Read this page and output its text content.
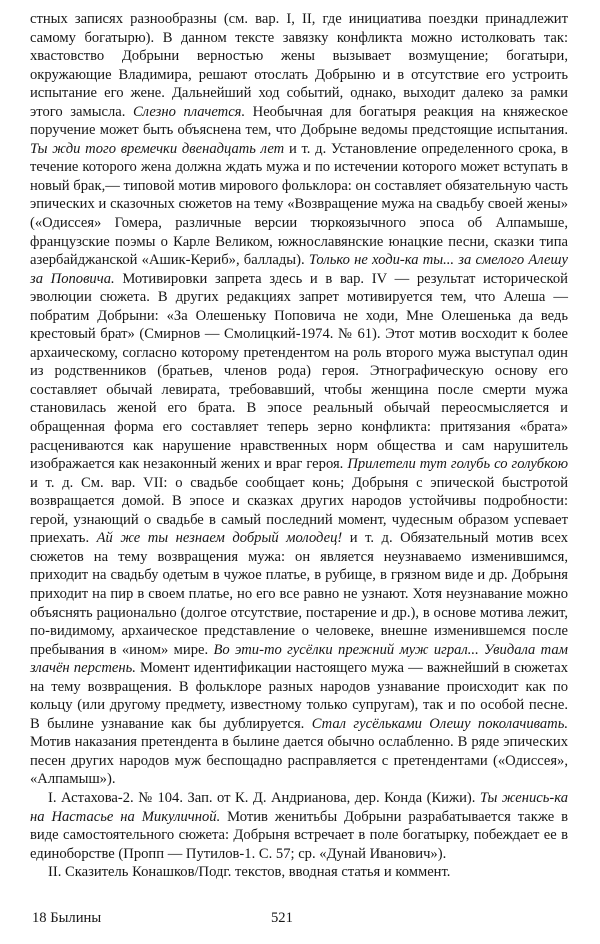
стных записях разнообразны (см. вар. I, II, где инициатива поездки принадлежит самому богатырю). В данном тексте завязку конфликта можно истолковать так: хвастовство Добрыни верностью жены вызывает возмущение; богатыри, окружающие Владимира, решают отослать Добрыню и в отсутствие его устроить испытание его жене. Дальнейший ход событий, однако, выходит далеко за рамки этого замысла. Слезно плачется. Необычная для богатыря реакция на княжеское поручение может быть объяснена тем, что Добрыне ведомы предстоящие испытания. Ты жди того времечки двенадцать лет и т. д. Установление определенного срока, в течение которого жена должна ждать мужа и по истечении которого может вступать в новый брак,— типовой мотив мирового фольклора: он составляет обязательную часть эпических и сказочных сюжетов на тему «Возвращение мужа на свадьбу своей жены» («Одиссея» Гомера, различные версии тюркоязычного эпоса об Алпамыше, французские поэмы о Карле Великом, южнославянские юнацкие песни, сказки типа азербайджанской «Ашик-Кериб», баллады). Только не ходи-ка ты... за смелого Алешу за Поповича. Мотивировки запрета здесь и в вар. IV — результат исторической эволюции сюжета. В других редакциях запрет мотивируется тем, что Алеша — побратим Добрыни: «За Олешеньку Поповича не ходи, Мне Олешенька да ведь крестовый брат» (Смирнов — Смолицкий-1974. № 61). Этот мотив восходит к более архаическому, согласно которому претендентом на роль второго мужа выступал один из родственников (братьев, членов рода) героя. Этнографическую основу его составляет обычай левирата, требовавший, чтобы женщина после смерти мужа становилась женой его брата. В эпосе реальный обычай переосмысляется и обращенная форма его составляет теперь зерно конфликта: притязания «брата» расцениваются как нарушение нравственных норм общества и сам нарушитель изображается как незаконный жених и враг героя. Прилетели тут голубь со голубкою и т. д. См. вар. VII: о свадьбе сообщает конь; Добрыня с эпической быстротой возвращается домой. В эпосе и сказках других народов устойчивы подробности: герой, узнающий о свадьбе в самый последний момент, чудесным образом успевает приехать. Ай же ты незнаем добрый молодец! и т. д. Обязательный мотив всех сюжетов на тему возвращения мужа: он является неузнаваемо изменившимся, приходит на свадьбу одетым в чужое платье, в рубище, в грязном виде и др. Добрыня приходит на пир в своем платье, но его все равно не узнают. Хотя неузнавание можно объяснять рационально (долгое отсутствие, постарение и др.), в основе мотива лежит, по-видимому, архаическое представление о человеке, внешне изменившемся после пребывания в «ином» мире. Во эти-то гусёлки прежний муж играл... Увидала там злачён перстень. Момент идентификации настоящего мужа — важнейший в сюжетах на тему возвращения. В фольклоре разных народов узнавание происходит как по кольцу (или другому предмету, известному только супругам), так и по особой песне. В былине узнавание как бы дублируется. Стал гусёльками Олешу поколачивать. Мотив наказания претендента в былине дается обычно ослабленно. В ряде эпических песен других народов муж беспощадно расправляется с претендентами («Одиссея», «Алпамыш»).

I. Астахова-2. № 104. Зап. от К. Д. Андрианова, дер. Конда (Кижи). Ты женись-ка на Настасье на Микуличной. Мотив женитьбы Добрыни разрабатывается также в виде самостоятельного сюжета: Добрыня встречает в поле богатырку, побеждает ее в единоборстве (Пропп — Путилов-1. С. 57; ср. «Дунай Иванович»).

II. Сказитель Конашков/Подг. текстов, вводная статья и коммент.

18 Былины	521
